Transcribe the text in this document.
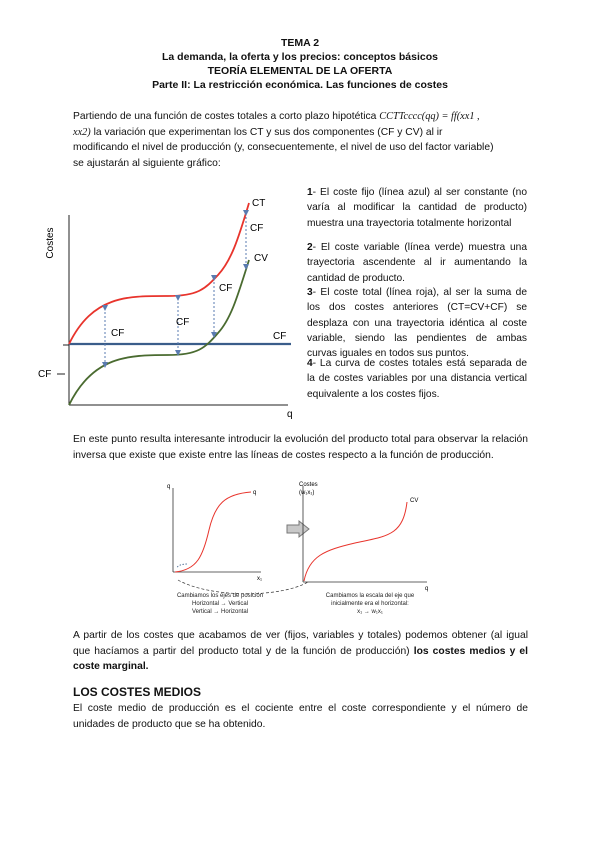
TEMA 2
La demanda, la oferta y los precios: conceptos básicos
TEORÍA ELEMENTAL DE LA OFERTA
Parte II: La restricción económica. Las funciones de costes
Partiendo de una función de costes totales a corto plazo hipotética CCTTcccc(qq) = ff(xx1 ,
xx2) la variación que experimentan los CT y sus dos componentes (CF y CV) al ir
modificando el nivel de producción (y, consecuentemente, el nivel de uso del factor variable)
se ajustarán al siguiente gráfico:
Costes
q
CF
CF
CT
CV
CF
CF
CF
CF
1- El coste fijo (línea azul) al ser constante (no varía al modificar la cantidad de producto) muestra una trayectoria totalmente horizontal
2- El coste variable (línea verde) muestra una trayectoria ascendente al ir aumentando la cantidad de producto.
3- El coste total (línea roja), al ser la suma de los dos costes anteriores (CT=CV+CF) se desplaza con una trayectoria idéntica al coste variable, siendo las pendientes de ambas curvas iguales en todos sus puntos.
4- La curva de costes totales está separada de la de costes variables por una distancia vertical equivalente a los costes fijos.
En este punto resulta interesante introducir la evolución del producto total para observar la relación inversa que existe que existe entre las líneas de costes respecto a la función de producción.
q
q
x₁
Costes
(w₁x₁)
CV
q
Cambiamos los ejes de posición
Horizontal → Vertical
Vertical → Horizontal
Cambiamos la escala del eje que
inicialmente era el horizontal:
x₁ → w₁x₁
A partir de los costes que acabamos de ver (fijos, variables y totales) podemos obtener (al igual que hacíamos a partir del producto total y de la función de producción) los costes medios y el coste marginal.
LOS COSTES MEDIOS
El coste medio de producción es el cociente entre el coste correspondiente y el número de unidades de producto que se ha obtenido.
